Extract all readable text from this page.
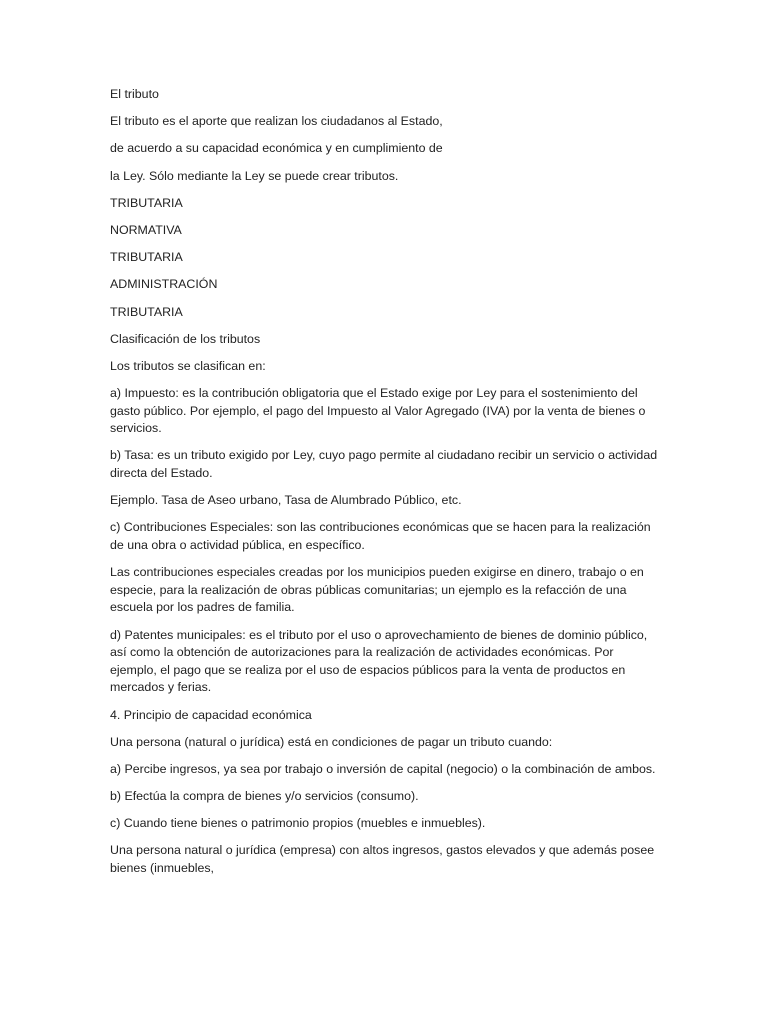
El tributo

El tributo es el aporte que realizan los ciudadanos al Estado,

de acuerdo a su capacidad económica y en cumplimiento de

la Ley. Sólo mediante la Ley se puede crear tributos.

TRIBUTARIA

NORMATIVA

TRIBUTARIA

ADMINISTRACIÓN

TRIBUTARIA

Clasificación de los tributos

Los tributos se clasifican en:

a) Impuesto: es la contribución obligatoria que el Estado exige por Ley para el sostenimiento del gasto público. Por ejemplo, el pago del Impuesto al Valor Agregado (IVA) por la venta de bienes o servicios.

b) Tasa: es un tributo exigido por Ley, cuyo pago permite al ciudadano recibir un servicio o actividad directa del Estado.

Ejemplo. Tasa de Aseo urbano, Tasa de Alumbrado Público, etc.

c) Contribuciones Especiales: son las contribuciones económicas que se hacen para la realización de una obra o actividad pública, en específico.

Las contribuciones especiales creadas por los municipios pueden exigirse en dinero, trabajo o en especie, para la realización de obras públicas comunitarias; un ejemplo es la refacción de una escuela por los padres de familia.

d) Patentes municipales: es el tributo por el uso o aprovechamiento de bienes de dominio público, así como la obtención de autorizaciones para la realización de actividades económicas. Por ejemplo, el pago que se realiza por el uso de espacios públicos para la venta de productos en mercados y ferias.

4. Principio de capacidad económica

Una persona (natural o jurídica) está en condiciones de pagar un tributo cuando:

a) Percibe ingresos, ya sea por trabajo o inversión de capital (negocio) o la combinación de ambos.

b) Efectúa la compra de bienes y/o servicios (consumo).

c) Cuando tiene bienes o patrimonio propios (muebles e inmuebles).

Una persona natural o jurídica (empresa) con altos ingresos, gastos elevados y que además posee bienes (inmuebles,
